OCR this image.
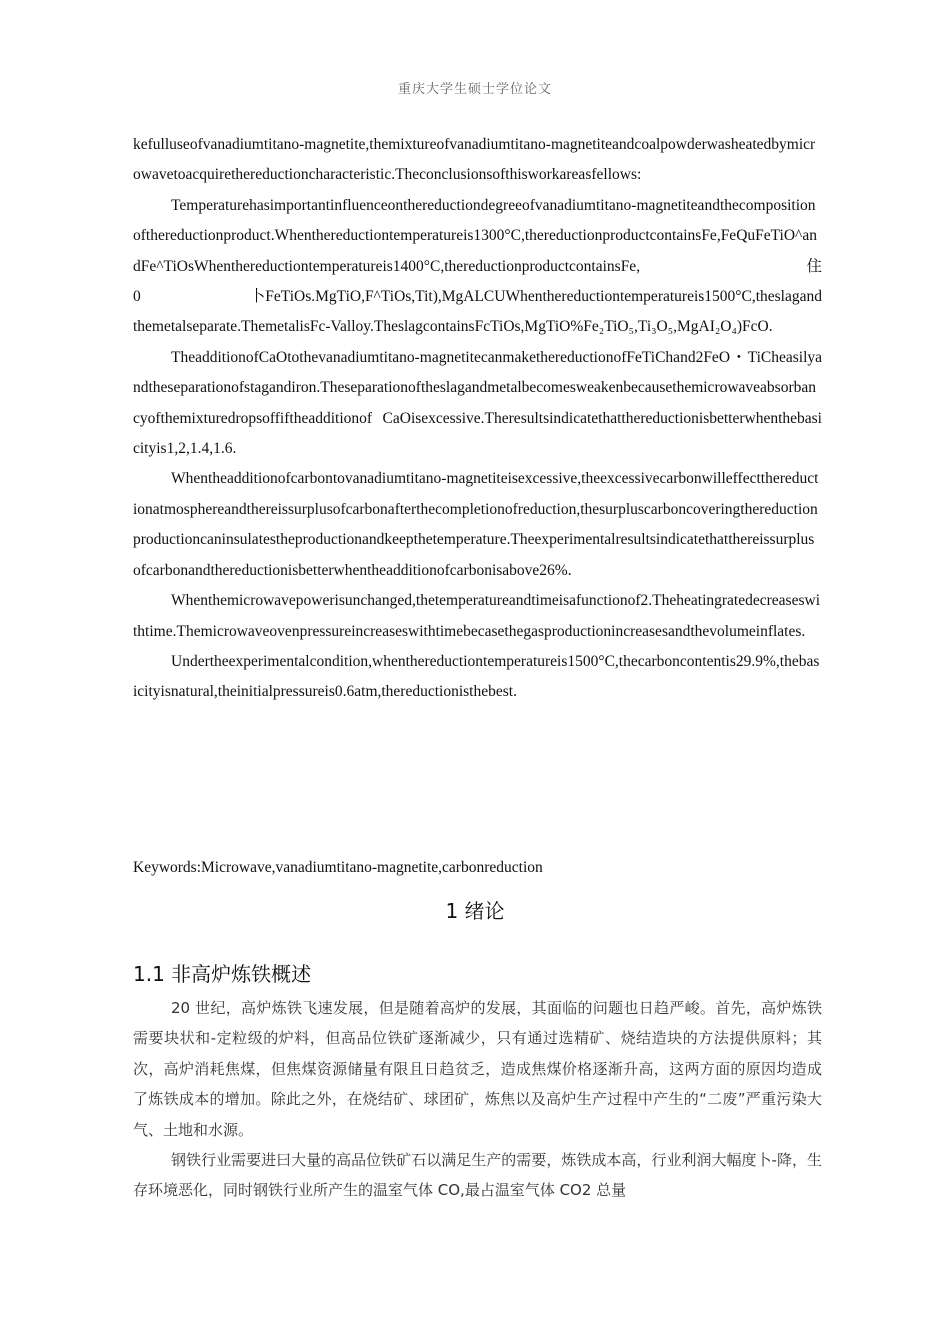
重庆大学生硕士学位论文

kefulluseofvanadiumtitano-magnetite,themixtureofvanadiumtitano-magnetiteandcoalpowderwasheatedbymicrowavetoacquirethereductioncharacteristic.Theconclusionsofthisworkareasfellows:

Temperaturehasimportantinfluenceonthereductiondegreeofvanadiumtitano-magnetiteandthecompositionofthereductionproduct.Whenthereductiontemperatureis1300°C,thereductionproductcontainsFe,FeQuFeTiO^andFe^TiOsWhenthereductiontemperatureis1400°C,thereductionproductcontainsFe,　　　　　　住　　　　　　　0　　　　　　　卜FeTiOs.MgTiO,F^TiOs,Tit),MgALCUWhenthereductiontemperatureis1500°C,theslagandthemetalseparate.ThemetalisFc-Valloy.TheslagcontainsFcTiOs,MgTiO%Fe₂TiO₅,Ti₃O₅,MgAI₂O₄)FcO.

TheadditionofCaOtothevanadiumtitano-magnetitecanmakethereductionofFeTiChand2FeO・TiCheasilyandtheseparationofstagandiron.Theseparationoftheslagandmetalbecomesweakenbecausethemicrowaveabsorbancyofthemixturedropsoffiftheadditionof CaOisexcessive.Theresultsindicatethatthereductionisbetterwhenthebasicityis1,2,1.4,1.6.

Whentheadditionofcarbontovanadiumtitano-magnetiteisexcessive,theexcessivecarbonwilleffectthereductionatmosphereandthereissurplusofcarbonafterthecompletionofreduction,thesurpluscarboncoveringthereductionproductioncaninsulatestheproductionandkeepthetemperature.Theexperimentalresultsindicatethatthereissurplusofcarbonandthereductionisbetterwhentheadditionofcarbonisabove26%.

Whenthemicrowavepowerisunchanged,thetemperatureandtimeisafunctionof2.Theheatingratedecreaseswithtime.Themicrowaveovenpressureincreaseswithtimebecasethegasproductionincreasesandthevolumeinflates.

Undertheexperimentalcondition,whenthereductiontemperatureis1500°C,thecarboncontentis29.9%,thebasicityisnatural,theinitialpressureis0.6atm,thereductionisthebest.

Keywords:Microwave,vanadiumtitano-magnetite,carbonreduction
1 绪论
1.1 非高炉炼铁概述

20 世纪，高炉炼铁飞速发展，但是随着高炉的发展，其面临的问题也日趋严峻。首先，高炉炼铁需要块状和-定粒级的炉料，但高品位铁矿逐渐减少，只有通过选精矿、烧结造块的方法提供原料；其次，高炉消耗焦煤，但焦煤资源储量有限且日趋贫乏，造成焦煤价格逐渐升高，这两方面的原因均造成了炼铁成本的增加。除此之外，在烧结矿、球团矿，炼焦以及高炉生产过程中产生的“二废”严重污染大气、土地和水源。

钢铁行业需要进曰大量的高品位铁矿石以满足生产的需要，炼铁成本高，行业利润大幅度卜-降，生存环境恶化，同时钢铁行业所产生的温室气体 CO,最占温室气体 CO2 总量
